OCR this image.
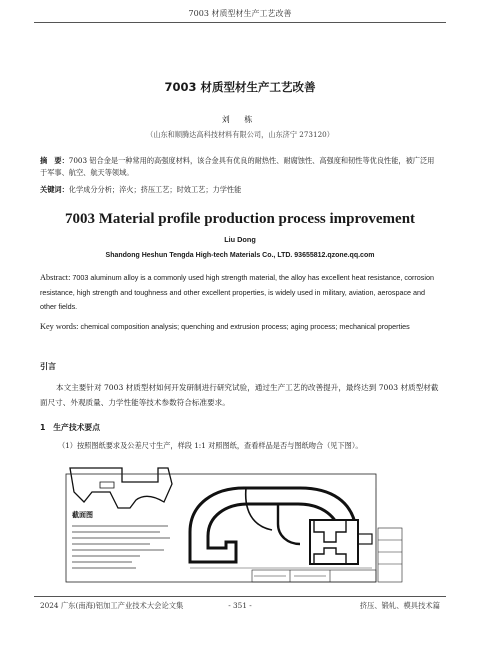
7003 材质型材生产工艺改善
7003 材质型材生产工艺改善
刘 栋
（山东和顺腾达高科技材料有限公司，山东济宁 273120）
摘　要：7003 铝合金是一种常用的高强度材料，该合金具有优良的耐热性、耐腐蚀性、高强度和韧性等优良性能，被广泛用于军事、航空、航天等领域。
关键词：化学成分分析；淬火；挤压工艺；时效工艺；力学性能
7003 Material profile production process improvement
Liu Dong
Shandong Heshun Tengda High-tech Materials Co., LTD. 93655812.qzone.qq.com
Abstract: 7003 aluminum alloy is a commonly used high strength material, the alloy has excellent heat resistance, corrosion resistance, high strength and toughness and other excellent properties, is widely used in military, aviation, aerospace and other fields.
Key words: chemical composition analysis; quenching and extrusion process; aging process; mechanical properties
引言
本文主要针对 7003 材质型材如何开发研制进行研究试验，通过生产工艺的改善提升，最终达到 7003 材质型材截面尺寸、外观质量、力学性能等技术参数符合标准要求。
1　生产技术要点
（1）按照图纸要求及公差尺寸生产，样段 1:1 对照图纸，查看样品是否与图纸吻合（见下图）。
截面图
2024 广东(南海)铝加工产业技术大会论文集	- 351 -	挤压、锻轧、模具技术篇
